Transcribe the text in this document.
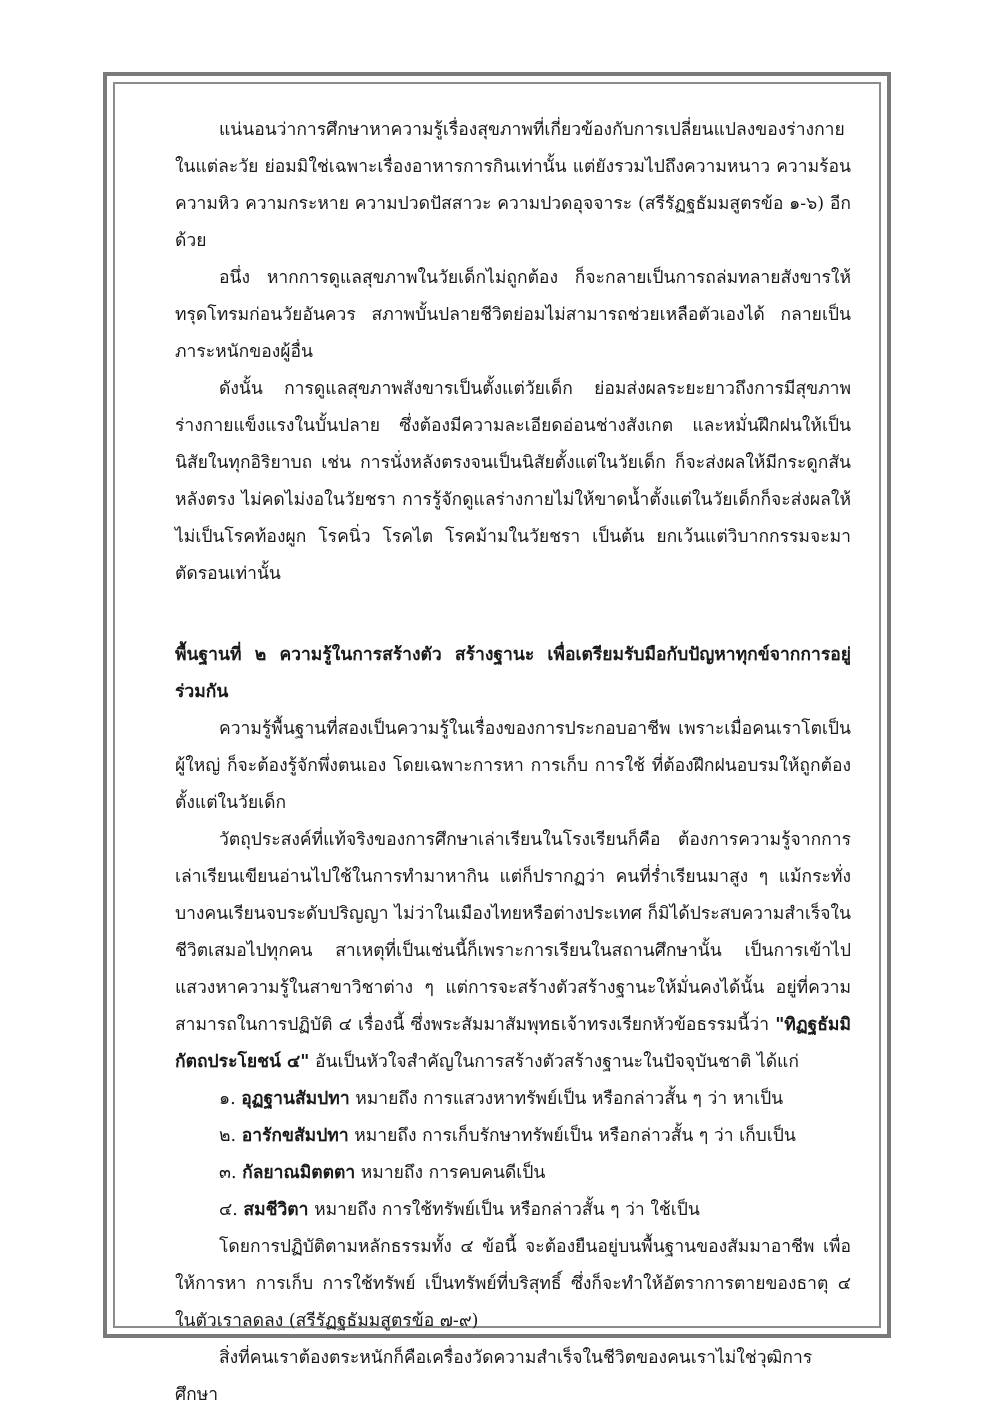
แน่นอนว่าการศึกษาหาความรู้เรื่องสุขภาพที่เกี่ยวข้องกับการเปลี่ยนแปลงของร่างกายในแต่ละวัย ย่อมมิใช่เฉพาะเรื่องอาหารการกินเท่านั้น แต่ยังรวมไปถึงความหนาว ความร้อน ความหิว ความกระหาย ความปวดปัสสาวะ ความปวดอุจจาระ (สรีรัฏฐธัมมสูตรข้อ ๑-๖) อีกด้วย

อนึ่ง หากการดูแลสุขภาพในวัยเด็กไม่ถูกต้อง ก็จะกลายเป็นการถล่มทลายสังขารให้ทรุดโทรมก่อนวัยอันควร สภาพบั้นปลายชีวิตย่อมไม่สามารถช่วยเหลือตัวเองได้ กลายเป็นภาระหนักของผู้อื่น

ดังนั้น การดูแลสุขภาพสังขารเป็นตั้งแต่วัยเด็ก ย่อมส่งผลระยะยาวถึงการมีสุขภาพร่างกายแข็งแรงในบั้นปลาย ซึ่งต้องมีความละเอียดอ่อนช่างสังเกต และหมั่นฝึกฝนให้เป็นนิสัยในทุกอิริยาบถ เช่น การนั่งหลังตรงจนเป็นนิสัยตั้งแต่ในวัยเด็ก ก็จะส่งผลให้มีกระดูกสันหลังตรง ไม่คดไม่งอในวัยชรา การรู้จักดูแลร่างกายไม่ให้ขาดน้ำตั้งแต่ในวัยเด็กก็จะส่งผลให้ไม่เป็นโรคท้องผูก โรคนิ่ว โรคไต โรคม้ามในวัยชรา เป็นต้น ยกเว้นแต่วิบากกรรมจะมาตัดรอนเท่านั้น

พื้นฐานที่ ๒ ความรู้ในการสร้างตัว สร้างฐานะ เพื่อเตรียมรับมือกับปัญหาทุกข์จากการอยู่ร่วมกัน

ความรู้พื้นฐานที่สองเป็นความรู้ในเรื่องของการประกอบอาชีพ เพราะเมื่อคนเราโตเป็นผู้ใหญ่ ก็จะต้องรู้จักพึ่งตนเอง โดยเฉพาะการหา การเก็บ การใช้ ที่ต้องฝึกฝนอบรมให้ถูกต้องตั้งแต่ในวัยเด็ก

วัตถุประสงค์ที่แท้จริงของการศึกษาเล่าเรียนในโรงเรียนก็คือ ต้องการความรู้จากการเล่าเรียนเขียนอ่านไปใช้ในการทำมาหากิน แต่ก็ปรากฏว่า คนที่ร่ำเรียนมาสูง ๆ แม้กระทั่งบางคนเรียนจบระดับปริญญา ไม่ว่าในเมืองไทยหรือต่างประเทศ ก็มิได้ประสบความสำเร็จในชีวิตเสมอไปทุกคน สาเหตุที่เป็นเช่นนี้ก็เพราะการเรียนในสถานศึกษานั้น เป็นการเข้าไปแสวงหาความรู้ในสาขาวิชาต่าง ๆ แต่การจะสร้างตัวสร้างฐานะให้มั่นคงได้นั้น อยู่ที่ความสามารถในการปฏิบัติ ๔ เรื่องนี้ ซึ่งพระสัมมาสัมพุทธเจ้าทรงเรียกหัวข้อธรรมนี้ว่า "ทิฏฐธัมมิกัตถประโยชน์ ๔" อันเป็นหัวใจสำคัญในการสร้างตัวสร้างฐานะในปัจจุบันชาติ ได้แก่

๑. อุฏฐานสัมปทา หมายถึง การแสวงหาทรัพย์เป็น หรือกล่าวสั้น ๆ ว่า หาเป็น

๒. อารักขสัมปทา หมายถึง การเก็บรักษาทรัพย์เป็น หรือกล่าวสั้น ๆ ว่า เก็บเป็น

๓. กัลยาณมิตตตา หมายถึง การคบคนดีเป็น

๔. สมชีวิตา หมายถึง การใช้ทรัพย์เป็น หรือกล่าวสั้น ๆ ว่า ใช้เป็น

โดยการปฏิบัติตามหลักธรรมทั้ง ๔ ข้อนี้ จะต้องยืนอยู่บนพื้นฐานของสัมมาอาชีพ เพื่อให้การหา การเก็บ การใช้ทรัพย์ เป็นทรัพย์ที่บริสุทธิ์ ซึ่งก็จะทำให้อัตราการตายของธาตุ ๔ ในตัวเราลดลง (สรีรัฏฐธัมมสูตรข้อ ๗-๙)

สิ่งที่คนเราต้องตระหนักก็คือเครื่องวัดความสำเร็จในชีวิตของคนเราไม่ใช่วุฒิการศึกษา
